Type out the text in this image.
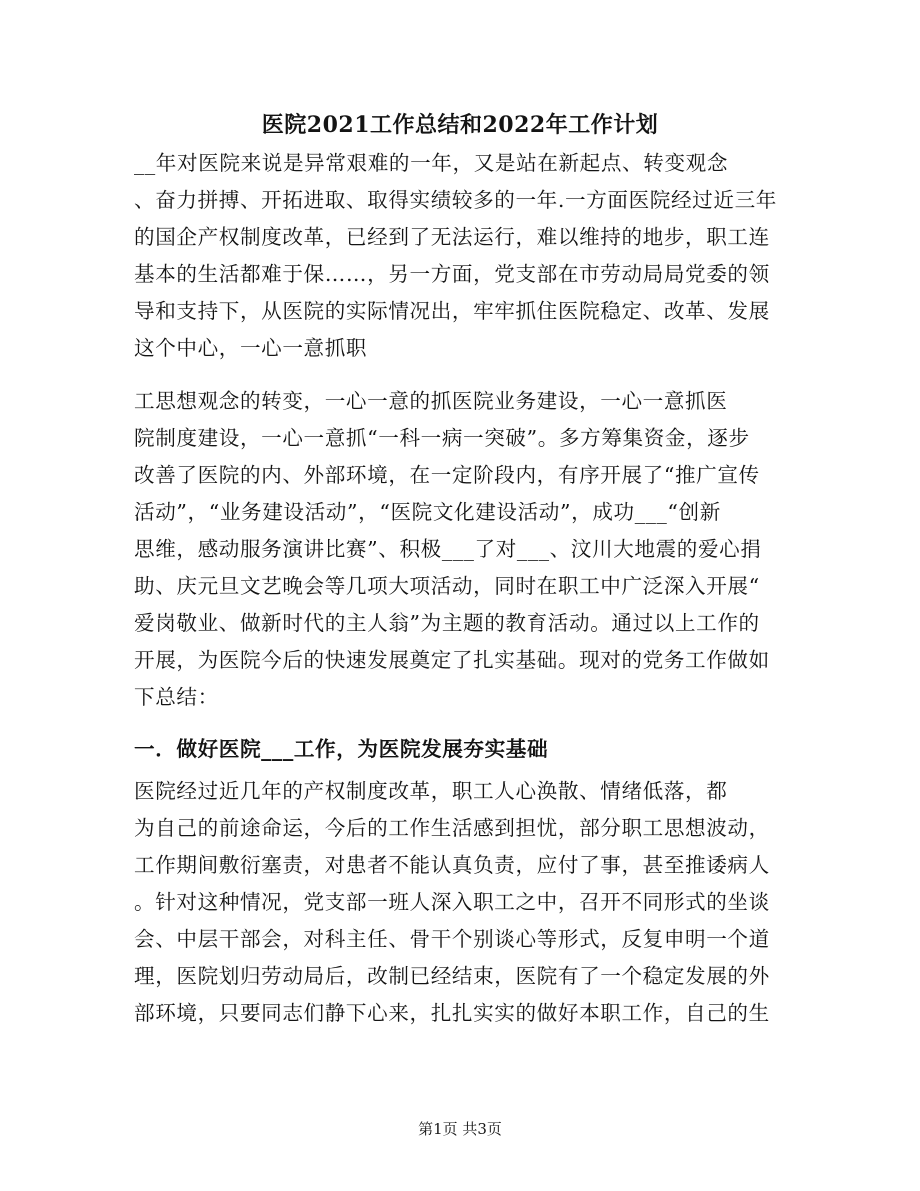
医院2021工作总结和2022年工作计划
__年对医院来说是异常艰难的一年，又是站在新起点、转变观念
、奋力拼搏、开拓进取、取得实绩较多的一年.一方面医院经过近三年
的国企产权制度改革，已经到了无法运行，难以维持的地步，职工连
基本的生活都难于保……，另一方面，党支部在市劳动局局党委的领
导和支持下，从医院的实际情况出，牢牢抓住医院稳定、改革、发展
这个中心，一心一意抓职
工思想观念的转变，一心一意的抓医院业务建设，一心一意抓医
院制度建设，一心一意抓“一科一病一突破”。多方筹集资金，逐步
改善了医院的内、外部环境，在一定阶段内，有序开展了“推广宣传
活动”，“业务建设活动”，“医院文化建设活动”，成功___“创新
思维，感动服务演讲比赛”、积极___了对___、汶川大地震的爱心捐
助、庆元旦文艺晚会等几项大项活动，同时在职工中广泛深入开展“
爱岗敬业、做新时代的主人翁”为主题的教育活动。通过以上工作的
开展，为医院今后的快速发展奠定了扎实基础。现对的党务工作做如
下总结：
一．做好医院___工作，为医院发展夯实基础
医院经过近几年的产权制度改革，职工人心涣散、情绪低落，都
为自己的前途命运，今后的工作生活感到担忧，部分职工思想波动，
工作期间敷衍塞责，对患者不能认真负责，应付了事，甚至推诿病人
。针对这种情况，党支部一班人深入职工之中，召开不同形式的坐谈
会、中层干部会，对科主任、骨干个别谈心等形式，反复申明一个道
理，医院划归劳动局后，改制已经结束，医院有了一个稳定发展的外
部环境，只要同志们静下心来，扎扎实实的做好本职工作，自己的生
第1页 共3页
